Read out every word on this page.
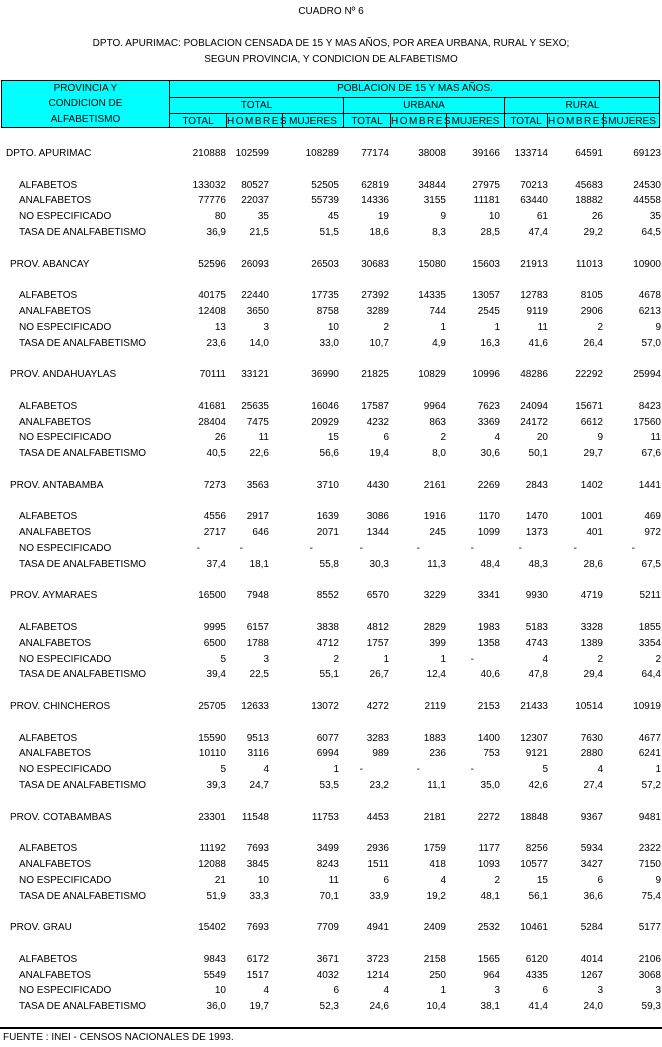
CUADRO Nº 6
DPTO. APURIMAC: POBLACION CENSADA DE 15 Y MAS AÑOS, POR AREA URBANA, RURAL Y SEXO;
SEGUN PROVINCIA, Y CONDICION DE ALFABETISMO
PROVINCIA Y
CONDICION DE
ALFABETISMO
POBLACION DE 15 Y MAS AÑOS.
TOTAL	URBANA	RURAL
TOTAL	HOMBRES MUJERES	TOTAL HOMBRES MUJERES	TOTAL HOMBRES MUJERES
DPTO. APURIMAC	210888 102599	108289	77174	38008	39166	133714	64591	69123
ALFABETOS	133032	80527	52505	62819	34844	27975	70213	45683	24530
ANALFABETOS	77776	22037	55739	14336	3155	11181	63440	18882	44558
NO ESPECIFICADO	80	35	45	19	9	10	61	26	35
TASA DE ANALFABETISMO	36,9	21,5	51,5	18,6	8,3	28,5	47,4	29,2	64,5
PROV. ABANCAY	52596	26093	26503	30683	15080	15603	21913	11013	10900
ALFABETOS	40175	22440	17735	27392	14335	13057	12783	8105	4678
ANALFABETOS	12408	3650	8758	3289	744	2545	9119	2906	6213
NO ESPECIFICADO	13	3	10	2	1	1	11	2	9
TASA DE ANALFABETISMO	23,6	14,0	33,0	10,7	4,9	16,3	41,6	26,4	57,0
PROV. ANDAHUAYLAS	70111	33121	36990	21825	10829	10996	48286	22292	25994
ALFABETOS	41681	25635	16046	17587	9964	7623	24094	15671	8423
ANALFABETOS	28404	7475	20929	4232	863	3369	24172	6612	17560
NO ESPECIFICADO	26	11	15	6	2	4	20	9	11
TASA DE ANALFABETISMO	40,5	22,6	56,6	19,4	8,0	30,6	50,1	29,7	67,6
PROV. ANTABAMBA	7273	3563	3710	4430	2161	2269	2843	1402	1441
ALFABETOS	4556	2917	1639	3086	1916	1170	1470	1001	469
ANALFABETOS	2717	646	2071	1344	245	1099	1373	401	972
NO ESPECIFICADO	-	-	-	-	-	-	-	-	-
TASA DE ANALFABETISMO	37,4	18,1	55,8	30,3	11,3	48,4	48,3	28,6	67,5
PROV. AYMARAES	16500	7948	8552	6570	3229	3341	9930	4719	5211
ALFABETOS	9995	6157	3838	4812	2829	1983	5183	3328	1855
ANALFABETOS	6500	1788	4712	1757	399	1358	4743	1389	3354
NO ESPECIFICADO	5	3	2	1	1	-	4	2	2
TASA DE ANALFABETISMO	39,4	22,5	55,1	26,7	12,4	40,6	47,8	29,4	64,4
PROV. CHINCHEROS	25705	12633	13072	4272	2119	2153	21433	10514	10919
ALFABETOS	15590	9513	6077	3283	1883	1400	12307	7630	4677
ANALFABETOS	10110	3116	6994	989	236	753	9121	2880	6241
NO ESPECIFICADO	5	4	1	-	-	-	5	4	1
TASA DE ANALFABETISMO	39,3	24,7	53,5	23,2	11,1	35,0	42,6	27,4	57,2
PROV. COTABAMBAS	23301	11548	11753	4453	2181	2272	18848	9367	9481
ALFABETOS	11192	7693	3499	2936	1759	1177	8256	5934	2322
ANALFABETOS	12088	3845	8243	1511	418	1093	10577	3427	7150
NO ESPECIFICADO	21	10	11	6	4	2	15	6	9
TASA DE ANALFABETISMO	51,9	33,3	70,1	33,9	19,2	48,1	56,1	36,6	75,4
PROV. GRAU	15402	7693	7709	4941	2409	2532	10461	5284	5177
ALFABETOS	9843	6172	3671	3723	2158	1565	6120	4014	2106
ANALFABETOS	5549	1517	4032	1214	250	964	4335	1267	3068
NO ESPECIFICADO	10	4	6	4	1	3	6	3	3
TASA DE ANALFABETISMO	36,0	19,7	52,3	24,6	10,4	38,1	41,4	24,0	59,3
FUENTE : INEI - CENSOS NACIONALES DE 1993.
